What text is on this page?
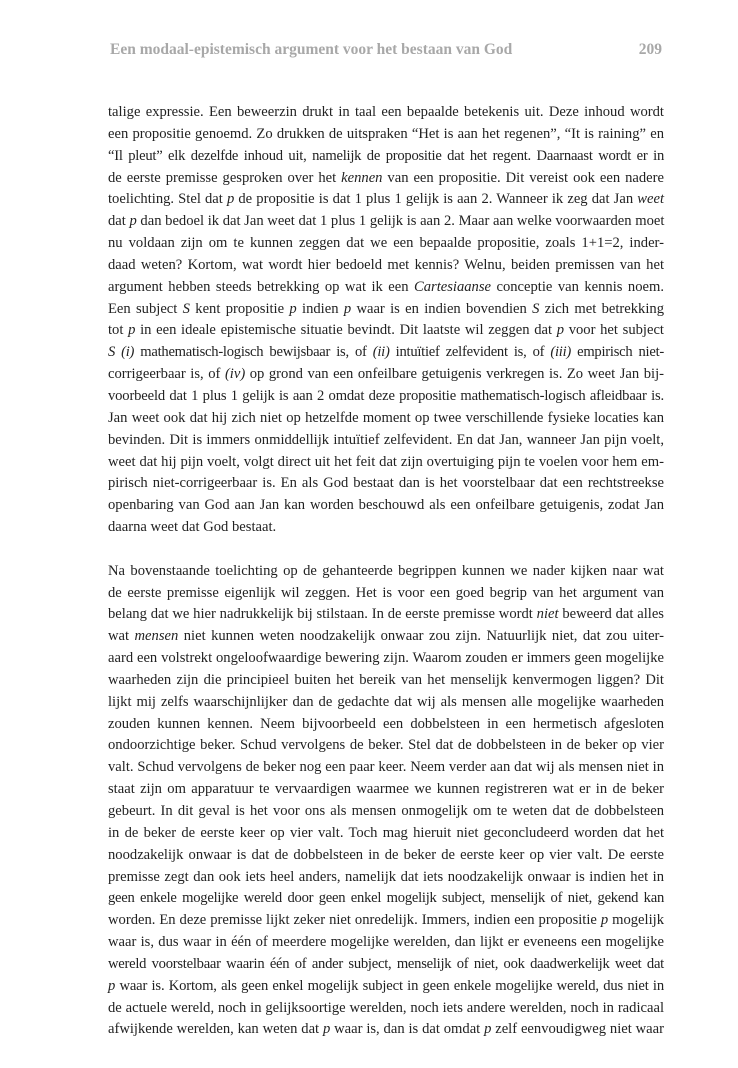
Een modaal-epistemisch argument voor het bestaan van God	209
talige expressie. Een beweerzin drukt in taal een bepaalde betekenis uit. Deze inhoud wordt
een propositie genoemd. Zo drukken de uitspraken “Het is aan het regenen”, “It is raining” en
“Il pleut” elk dezelfde inhoud uit, namelijk de propositie dat het regent. Daarnaast wordt er in
de eerste premisse gesproken over het kennen van een propositie. Dit vereist ook een nadere
toelichting. Stel dat p de propositie is dat 1 plus 1 gelijk is aan 2. Wanneer ik zeg dat Jan weet
dat p dan bedoel ik dat Jan weet dat 1 plus 1 gelijk is aan 2. Maar aan welke voorwaarden moet
nu voldaan zijn om te kunnen zeggen dat we een bepaalde propositie, zoals 1+1=2, inder-
daad weten? Kortom, wat wordt hier bedoeld met kennis? Welnu, beiden premissen van het
argument hebben steeds betrekking op wat ik een Cartesiaanse conceptie van kennis noem.
Een subject S kent propositie p indien p waar is en indien bovendien S zich met betrekking
tot p in een ideale epistemische situatie bevindt. Dit laatste wil zeggen dat p voor het subject
S (i) mathematisch-logisch bewijsbaar is, of (ii) intuïtief zelfevident is, of (iii) empirisch niet-
corrigeerbaar is, of (iv) op grond van een onfeilbare getuigenis verkregen is. Zo weet Jan bij-
voorbeeld dat 1 plus 1 gelijk is aan 2 omdat deze propositie mathematisch-logisch afleidbaar is.
Jan weet ook dat hij zich niet op hetzelfde moment op twee verschillende fysieke locaties kan
bevinden. Dit is immers onmiddellijk intuïtief zelfevident. En dat Jan, wanneer Jan pijn voelt,
weet dat hij pijn voelt, volgt direct uit het feit dat zijn overtuiging pijn te voelen voor hem em-
pirisch niet-corrigeerbaar is. En als God bestaat dan is het voorstelbaar dat een rechtstreekse
openbaring van God aan Jan kan worden beschouwd als een onfeilbare getuigenis, zodat Jan
daarna weet dat God bestaat.
Na bovenstaande toelichting op de gehanteerde begrippen kunnen we nader kijken naar wat
de eerste premisse eigenlijk wil zeggen. Het is voor een goed begrip van het argument van
belang dat we hier nadrukkelijk bij stilstaan. In de eerste premisse wordt niet beweerd dat alles
wat mensen niet kunnen weten noodzakelijk onwaar zou zijn. Natuurlijk niet, dat zou uiter-
aard een volstrekt ongeloofwaardige bewering zijn. Waarom zouden er immers geen mogelijke
waarheden zijn die principieel buiten het bereik van het menselijk kenvermogen liggen? Dit
lijkt mij zelfs waarschijnlijker dan de gedachte dat wij als mensen alle mogelijke waarheden
zouden kunnen kennen. Neem bijvoorbeeld een dobbelsteen in een hermetisch afgesloten
ondoorzichtige beker. Schud vervolgens de beker. Stel dat de dobbelsteen in de beker op vier
valt. Schud vervolgens de beker nog een paar keer. Neem verder aan dat wij als mensen niet in
staat zijn om apparatuur te vervaardigen waarmee we kunnen registreren wat er in de beker
gebeurt. In dit geval is het voor ons als mensen onmogelijk om te weten dat de dobbelsteen
in de beker de eerste keer op vier valt. Toch mag hieruit niet geconcludeerd worden dat het
noodzakelijk onwaar is dat de dobbelsteen in de beker de eerste keer op vier valt. De eerste
premisse zegt dan ook iets heel anders, namelijk dat iets noodzakelijk onwaar is indien het in
geen enkele mogelijke wereld door geen enkel mogelijk subject, menselijk of niet, gekend kan
worden. En deze premisse lijkt zeker niet onredelijk. Immers, indien een propositie p mogelijk
waar is, dus waar in één of meerdere mogelijke werelden, dan lijkt er eveneens een mogelijke
wereld voorstelbaar waarin één of ander subject, menselijk of niet, ook daadwerkelijk weet dat
p waar is. Kortom, als geen enkel mogelijk subject in geen enkele mogelijke wereld, dus niet in
de actuele wereld, noch in gelijksoortige werelden, noch iets andere werelden, noch in radicaal
afwijkende werelden, kan weten dat p waar is, dan is dat omdat p zelf eenvoudigweg niet waar
